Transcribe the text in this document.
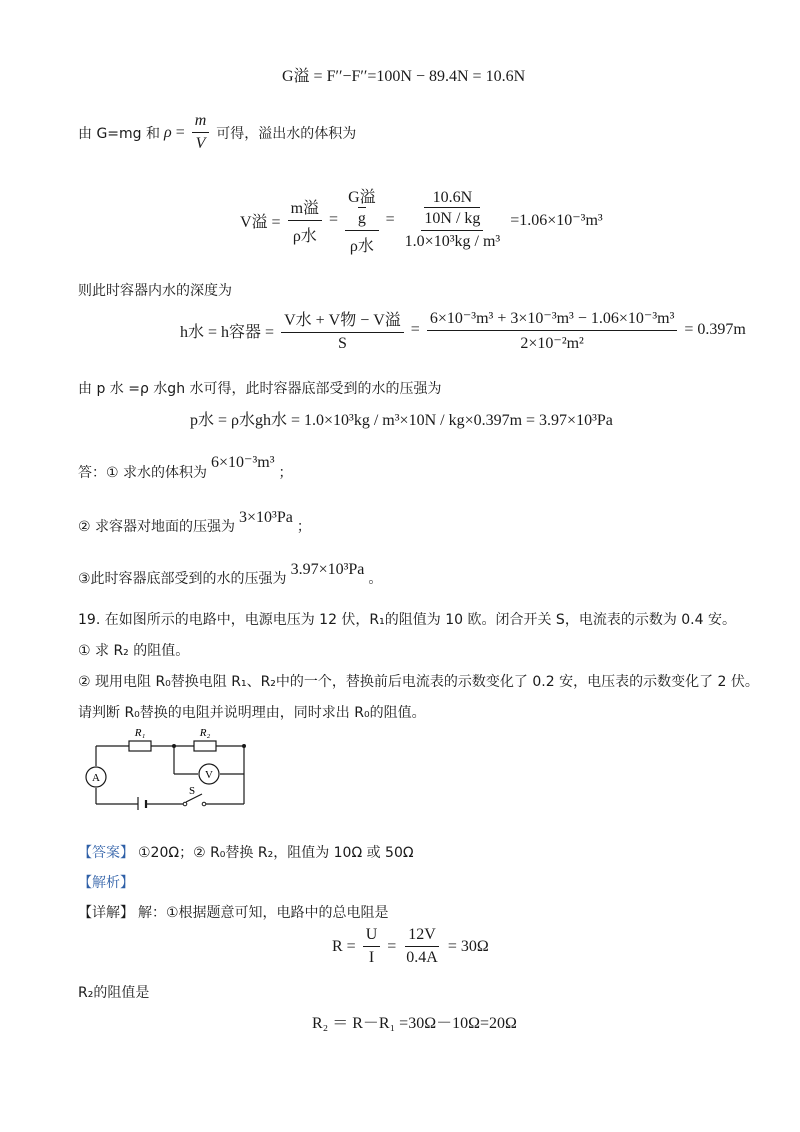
G溢 = F′′−F′′=100N − 89.4N = 10.6N
由 G=mg 和 $\rho = \frac{m}{V}$ 可得，溢出水的体积为
V溢 = $\frac{\text{m溢}}{\text{ρ水}} = G$溢
g
ρ水 = 10.6N
10N / kg
1.0×10³kg / m³ =1.06×10⁻³m³
则此时容器内水的深度为
h水 = h容器 = $\frac{\text{V水 + V物 − V溢}}{S} = \frac{\text{6×10⁻³m³ + 3×10⁻³m³ − 1.06×10⁻³m³}}{\text{2×10⁻²m²}} = 0.397m$
由 p 水 =ρ 水gh 水可得，此时容器底部受到的水的压强为
p水 = ρ水gh水 = 1.0×10³kg / m³×10N / kg×0.397m = 3.97×10³Pa
答：① 求水的体积为
6×10⁻³m³
；
② 求容器对地面的压强为
3×10³Pa
；
③此时容器底部受到的水的压强为
3.97×10³Pa
。
19. 在如图所示的电路中，电源电压为 12 伏，R₁的阻值为 10 欧。闭合开关 S，电流表的示数为 0.4 安。
① 求 R₂ 的阻值。
② 现用电阻 R₀替换电阻 R₁、R₂中的一个，替换前后电流表的示数变化了 0.2 安，电压表的示数变化了 2 伏。
请判断 R₀替换的电阻并说明理由，同时求出 R₀的阻值。
A	V
R₁	R₂
S
【答案】 ①20Ω；② R₀替换 R₂，阻值为 10Ω 或 50Ω
【解析】
【详解】 解：①根据题意可知，电路中的总电阻是
$R = \frac{U}{I} = \frac{12V}{0.4A} = 30\Omega$
R₂的阻值是
R₂ ＝ R－R₁ =30Ω－10Ω=20Ω
